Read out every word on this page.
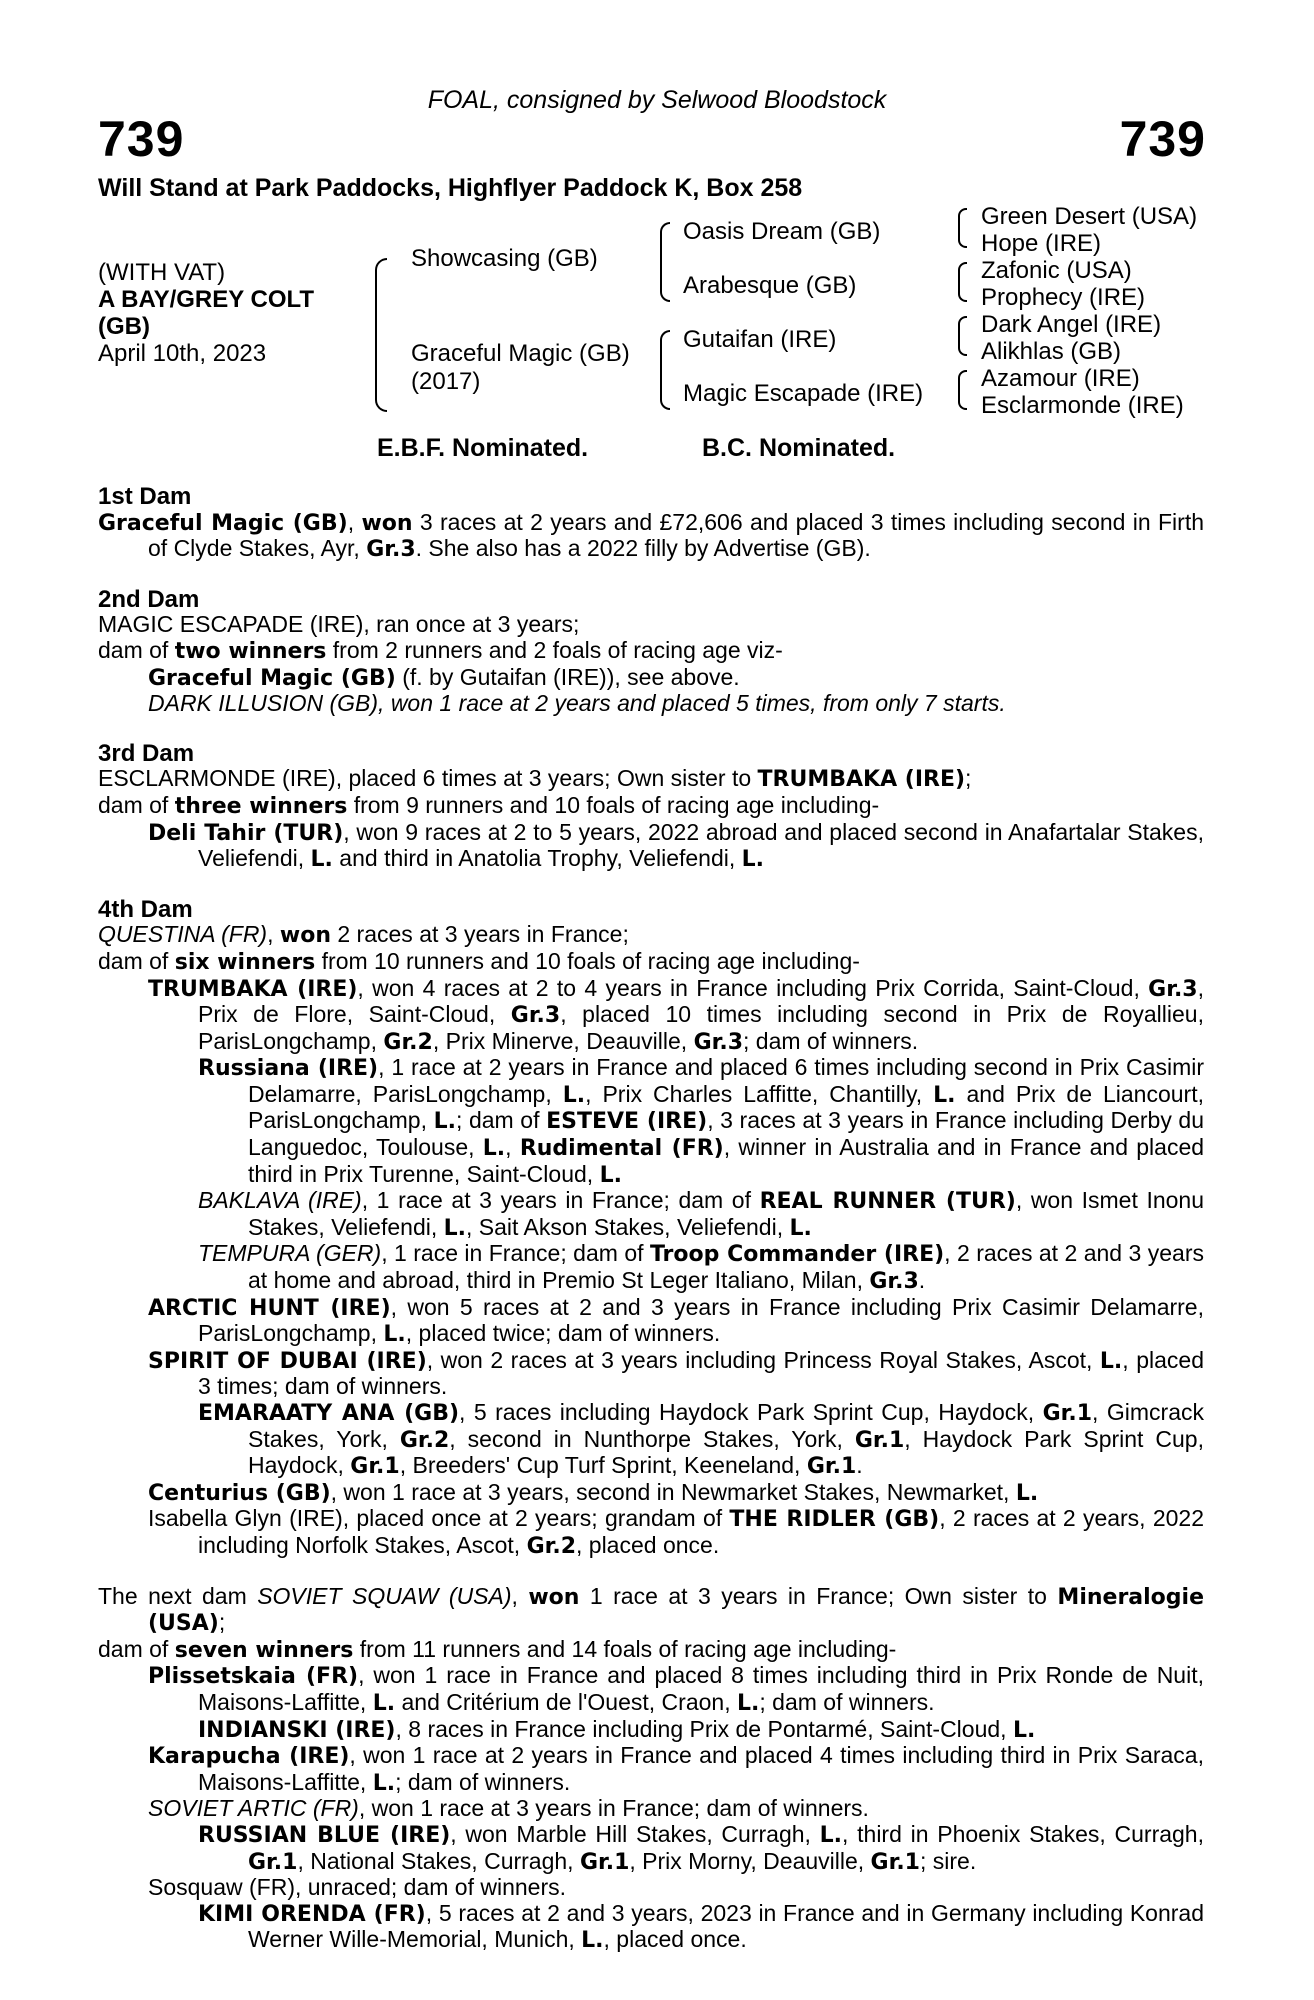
FOAL, consigned by Selwood Bloodstock
739	739
Will Stand at Park Paddocks, Highflyer Paddock K, Box 258
(WITH VAT)
A BAY/GREY COLT
(GB)
April 10th, 2023
Showcasing (GB)
Graceful Magic (GB)
(2017)
Oasis Dream (GB)
Arabesque (GB)
Gutaifan (IRE)
Magic Escapade (IRE)
Green Desert (USA)
Hope (IRE)
Zafonic (USA)
Prophecy (IRE)
Dark Angel (IRE)
Alikhlas (GB)
Azamour (IRE)
Esclarmonde (IRE)
E.B.F. Nominated.	B.C. Nominated.
1st Dam
Graceful Magic (GB), won 3 races at 2 years and £72,606 and placed 3 times including second in Firth of Clyde Stakes, Ayr, Gr.3. She also has a 2022 filly by Advertise (GB).
2nd Dam
MAGIC ESCAPADE (IRE), ran once at 3 years;
dam of two winners from 2 runners and 2 foals of racing age viz-
Graceful Magic (GB) (f. by Gutaifan (IRE)), see above.
DARK ILLUSION (GB), won 1 race at 2 years and placed 5 times, from only 7 starts.
3rd Dam
ESCLARMONDE (IRE), placed 6 times at 3 years; Own sister to TRUMBAKA (IRE);
dam of three winners from 9 runners and 10 foals of racing age including-
Deli Tahir (TUR), won 9 races at 2 to 5 years, 2022 abroad and placed second in Anafartalar Stakes, Veliefendi, L. and third in Anatolia Trophy, Veliefendi, L.
4th Dam
QUESTINA (FR), won 2 races at 3 years in France;
dam of six winners from 10 runners and 10 foals of racing age including-
TRUMBAKA (IRE), won 4 races at 2 to 4 years in France including Prix Corrida, Saint-Cloud, Gr.3, Prix de Flore, Saint-Cloud, Gr.3, placed 10 times including second in Prix de Royallieu, ParisLongchamp, Gr.2, Prix Minerve, Deauville, Gr.3; dam of winners.
Russiana (IRE), 1 race at 2 years in France and placed 6 times including second in Prix Casimir Delamarre, ParisLongchamp, L., Prix Charles Laffitte, Chantilly, L. and Prix de Liancourt, ParisLongchamp, L.; dam of ESTEVE (IRE), 3 races at 3 years in France including Derby du Languedoc, Toulouse, L., Rudimental (FR), winner in Australia and in France and placed third in Prix Turenne, Saint-Cloud, L.
BAKLAVA (IRE), 1 race at 3 years in France; dam of REAL RUNNER (TUR), won Ismet Inonu Stakes, Veliefendi, L., Sait Akson Stakes, Veliefendi, L.
TEMPURA (GER), 1 race in France; dam of Troop Commander (IRE), 2 races at 2 and 3 years at home and abroad, third in Premio St Leger Italiano, Milan, Gr.3.
ARCTIC HUNT (IRE), won 5 races at 2 and 3 years in France including Prix Casimir Delamarre, ParisLongchamp, L., placed twice; dam of winners.
SPIRIT OF DUBAI (IRE), won 2 races at 3 years including Princess Royal Stakes, Ascot, L., placed 3 times; dam of winners.
EMARAATY ANA (GB), 5 races including Haydock Park Sprint Cup, Haydock, Gr.1, Gimcrack Stakes, York, Gr.2, second in Nunthorpe Stakes, York, Gr.1, Haydock Park Sprint Cup, Haydock, Gr.1, Breeders' Cup Turf Sprint, Keeneland, Gr.1.
Centurius (GB), won 1 race at 3 years, second in Newmarket Stakes, Newmarket, L.
Isabella Glyn (IRE), placed once at 2 years; grandam of THE RIDLER (GB), 2 races at 2 years, 2022 including Norfolk Stakes, Ascot, Gr.2, placed once.
The next dam SOVIET SQUAW (USA), won 1 race at 3 years in France; Own sister to Mineralogie (USA);
dam of seven winners from 11 runners and 14 foals of racing age including-
Plissetskaia (FR), won 1 race in France and placed 8 times including third in Prix Ronde de Nuit, Maisons-Laffitte, L. and Critérium de l'Ouest, Craon, L.; dam of winners.
INDIANSKI (IRE), 8 races in France including Prix de Pontarmé, Saint-Cloud, L.
Karapucha (IRE), won 1 race at 2 years in France and placed 4 times including third in Prix Saraca, Maisons-Laffitte, L.; dam of winners.
SOVIET ARTIC (FR), won 1 race at 3 years in France; dam of winners.
RUSSIAN BLUE (IRE), won Marble Hill Stakes, Curragh, L., third in Phoenix Stakes, Curragh, Gr.1, National Stakes, Curragh, Gr.1, Prix Morny, Deauville, Gr.1; sire.
Sosquaw (FR), unraced; dam of winners.
KIMI ORENDA (FR), 5 races at 2 and 3 years, 2023 in France and in Germany including Konrad Werner Wille-Memorial, Munich, L., placed once.
